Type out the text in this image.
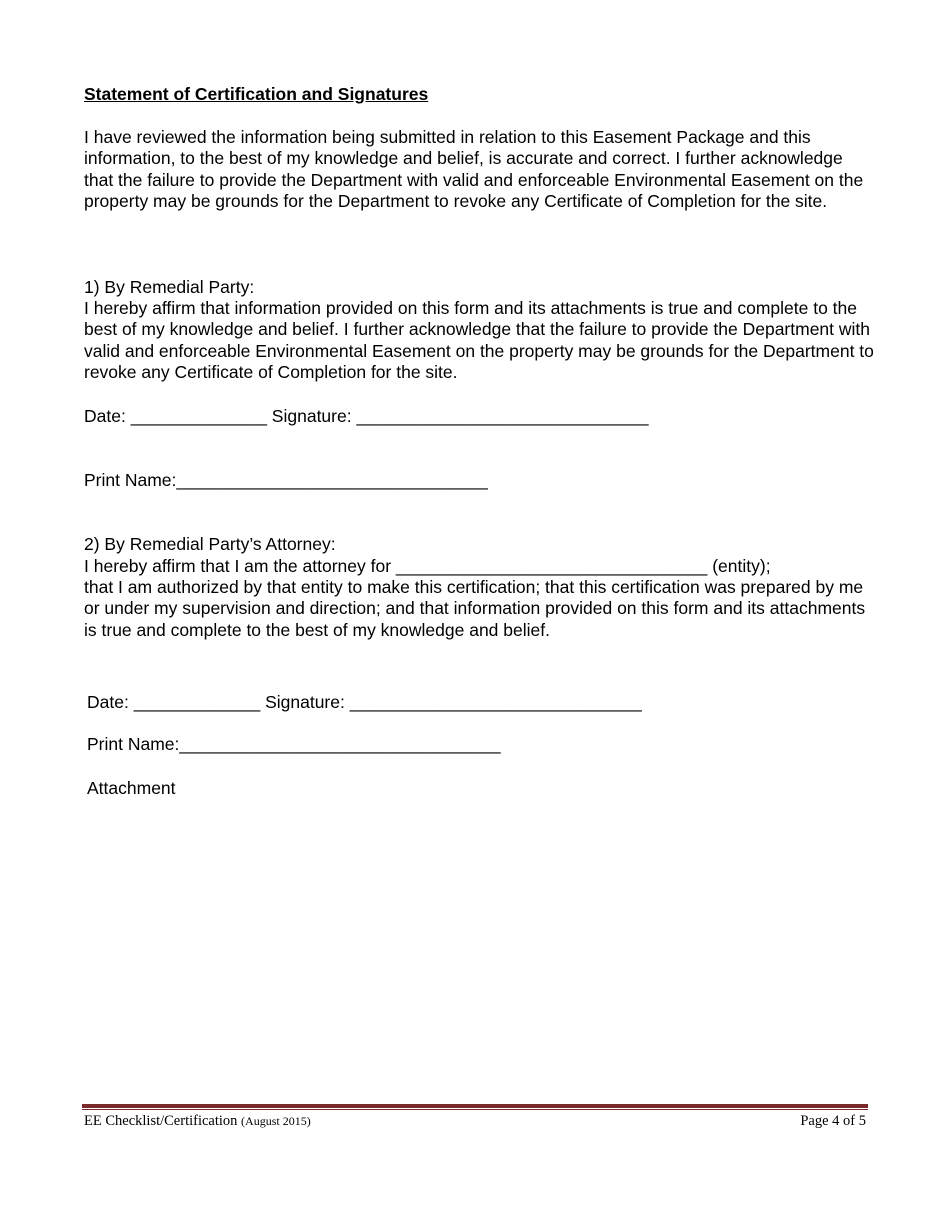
Statement of Certification and Signatures
I have reviewed the information being submitted in relation to this Easement Package and this information, to the best of my knowledge and belief, is accurate and correct. I further acknowledge that the failure to provide the Department with valid and enforceable Environmental Easement on the property may be grounds for the Department to revoke any Certificate of Completion for the site.
1) By Remedial Party:
I hereby affirm that information provided on this form and its attachments is true and complete to the best of my knowledge and belief. I further acknowledge that the failure to provide the Department with valid and enforceable Environmental Easement on the property may be grounds for the Department to revoke any Certificate of Completion for the site.
Date: ______________ Signature: ______________________________
Print Name:________________________________
2) By Remedial Party’s Attorney:
I hereby affirm that I am the attorney for ________________________________ (entity);
that I am authorized by that entity to make this certification; that this certification was prepared by me or under my supervision and direction; and that information provided on this form and its attachments is true and complete to the best of my knowledge and belief.
Date: _____________ Signature: ______________________________
Print Name:_________________________________
Attachment
EE Checklist/Certification (August 2015)	Page 4 of 5
